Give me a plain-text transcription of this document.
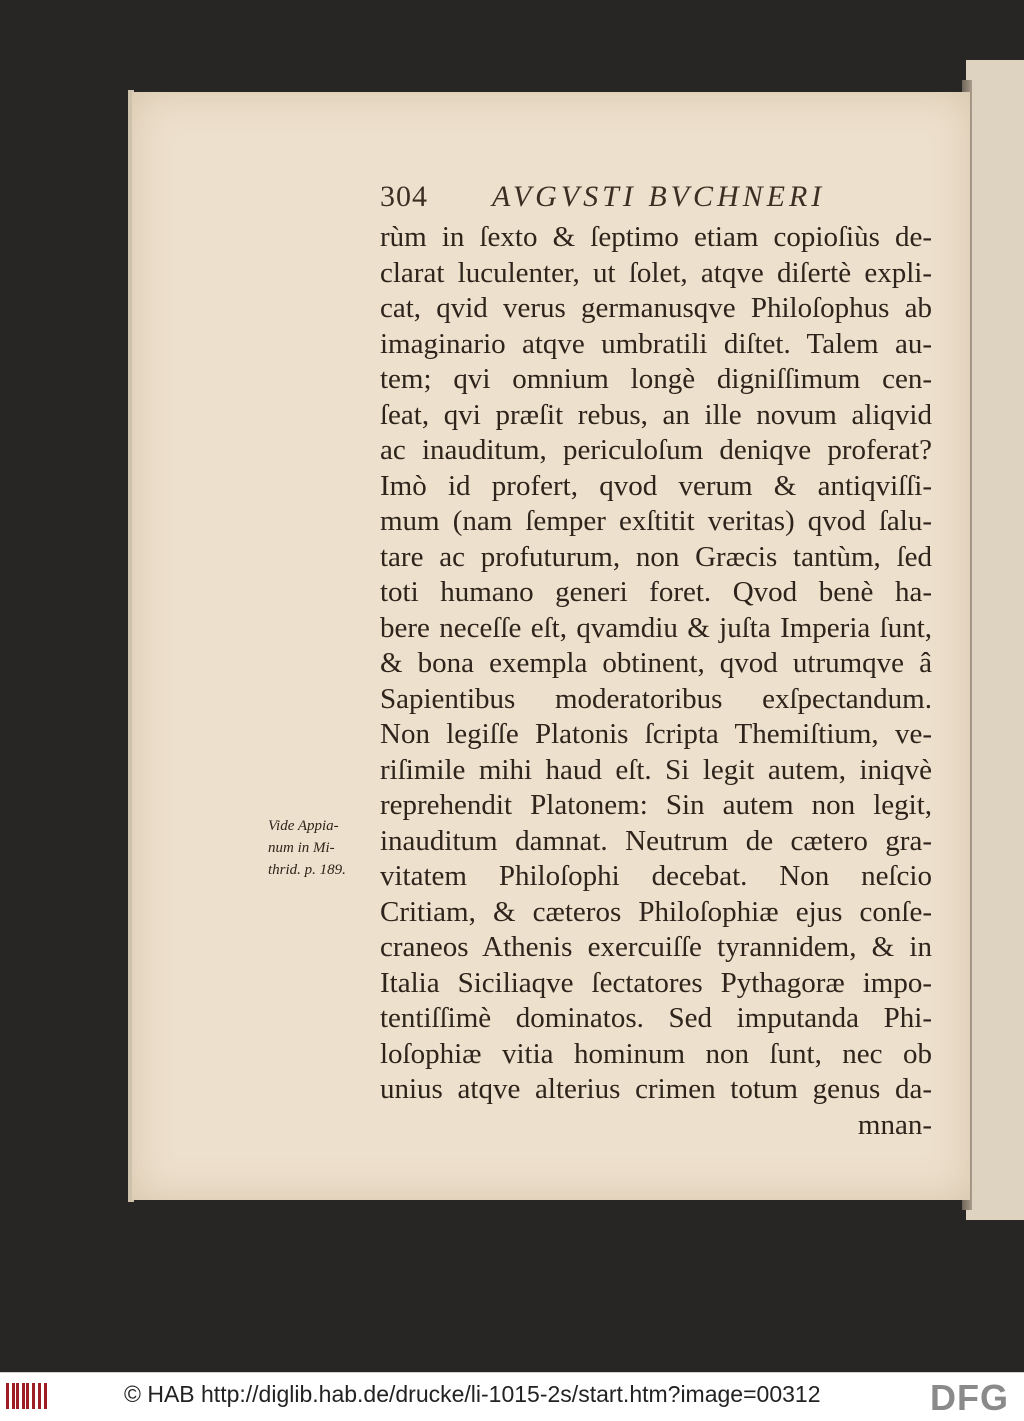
304 AVGVSTI BVCHNERI
rùm in ſexto & ſeptimo etiam copioſiùs de-
clarat luculenter, ut ſolet, atqve diſertè expli-
cat, qvid verus germanusqve Philoſophus ab
imaginario atqve umbratili diſtet. Talem au-
tem; qvi omnium longè digniſſimum cen-
ſeat, qvi præſit rebus, an ille novum aliqvid
ac inauditum, periculoſum deniqve proferat?
Imò id profert, qvod verum & antiqviſſi-
mum (nam ſemper exſtitit veritas) qvod ſalu-
tare ac profuturum, non Græcis tantùm, ſed
toti humano generi foret. Qvod benè ha-
bere neceſſe eſt, qvamdiu & juſta Imperia ſunt,
& bona exempla obtinent, qvod utrumqve â
Sapientibus moderatoribus exſpectandum.
Non legiſſe Platonis ſcripta Themiſtium, ve-
riſimile mihi haud eſt. Si legit autem, iniqvè
reprehendit Platonem: Sin autem non legit,
inauditum damnat. Neutrum de cætero gra-
vitatem Philoſophi decebat. Non neſcio
Critiam, & cæteros Philoſophiæ ejus conſe-
craneos Athenis exercuiſſe tyrannidem, & in
Italia Siciliaqve ſectatores Pythagoræ impo-
tentiſſimè dominatos. Sed imputanda Phi-
loſophiæ vitia hominum non ſunt, nec ob
unius atqve alterius crimen totum genus da-
mnan-
Vide Appia-
num in Mi-
thrid. p. 189.
© HAB http://diglib.hab.de/drucke/li-1015-2s/start.htm?image=00312	DFG
